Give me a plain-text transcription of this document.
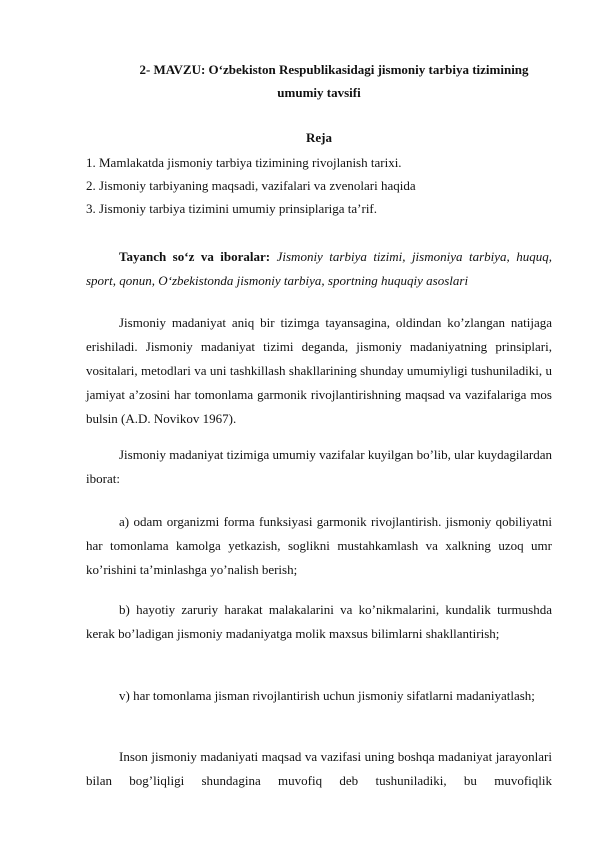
2- MAVZU: O‘zbekiston Respublikasidagi jismoniy tarbiya tizimining

umumiy tavsifi

Reja

1. Mamlakatda jismoniy tarbiya tizimining rivojlanish tarixi.
2. Jismoniy tarbiyaning maqsadi, vazifalari va zvenolari haqida
3. Jismoniy tarbiya tizimini umumiy prinsiplariga ta’rif.

Tayanch so‘z va iboralar: Jismoniy tarbiya tizimi, jismoniya tarbiya, huquq, sport, qonun, O‘zbekistonda jismoniy tarbiya, sportning huquqiy asoslari

Jismoniy madaniyat aniq bir tizimga tayansagina, oldindan ko’zlangan natijaga erishiladi. Jismoniy madaniyat tizimi deganda, jismoniy madaniyatning prinsiplari, vositalari, metodlari va uni tashkillash shakllarining shunday umumiyligi tushuniladiki, u jamiyat a’zosini har tomonlama garmonik rivojlantirishning maqsad va vazifalariga mos bulsin (A.D. Novikov 1967).

Jismoniy madaniyat tizimiga umumiy vazifalar kuyilgan bo’lib, ular kuydagilardan iborat:

a) odam organizmi forma funksiyasi garmonik rivojlantirish. jismoniy qobiliyatni har tomonlama kamolga yetkazish, soglikni mustahkamlash va xalkning uzoq umr ko’rishini ta’minlashga yo’nalish berish;

b) hayotiy zaruriy harakat malakalarini va ko’nikmalarini, kundalik turmushda kerak bo’ladigan jismoniy madaniyatga molik maxsus bilimlarni shakllantirish;

v) har tomonlama jisman rivojlantirish uchun jismoniy sifatlarni madaniyatlash;

Inson jismoniy madaniyati maqsad va vazifasi uning boshqa madaniyat jarayonlari bilan bog’liqligi shundagina muvofiq deb tushuniladiki, bu muvofiqlik
